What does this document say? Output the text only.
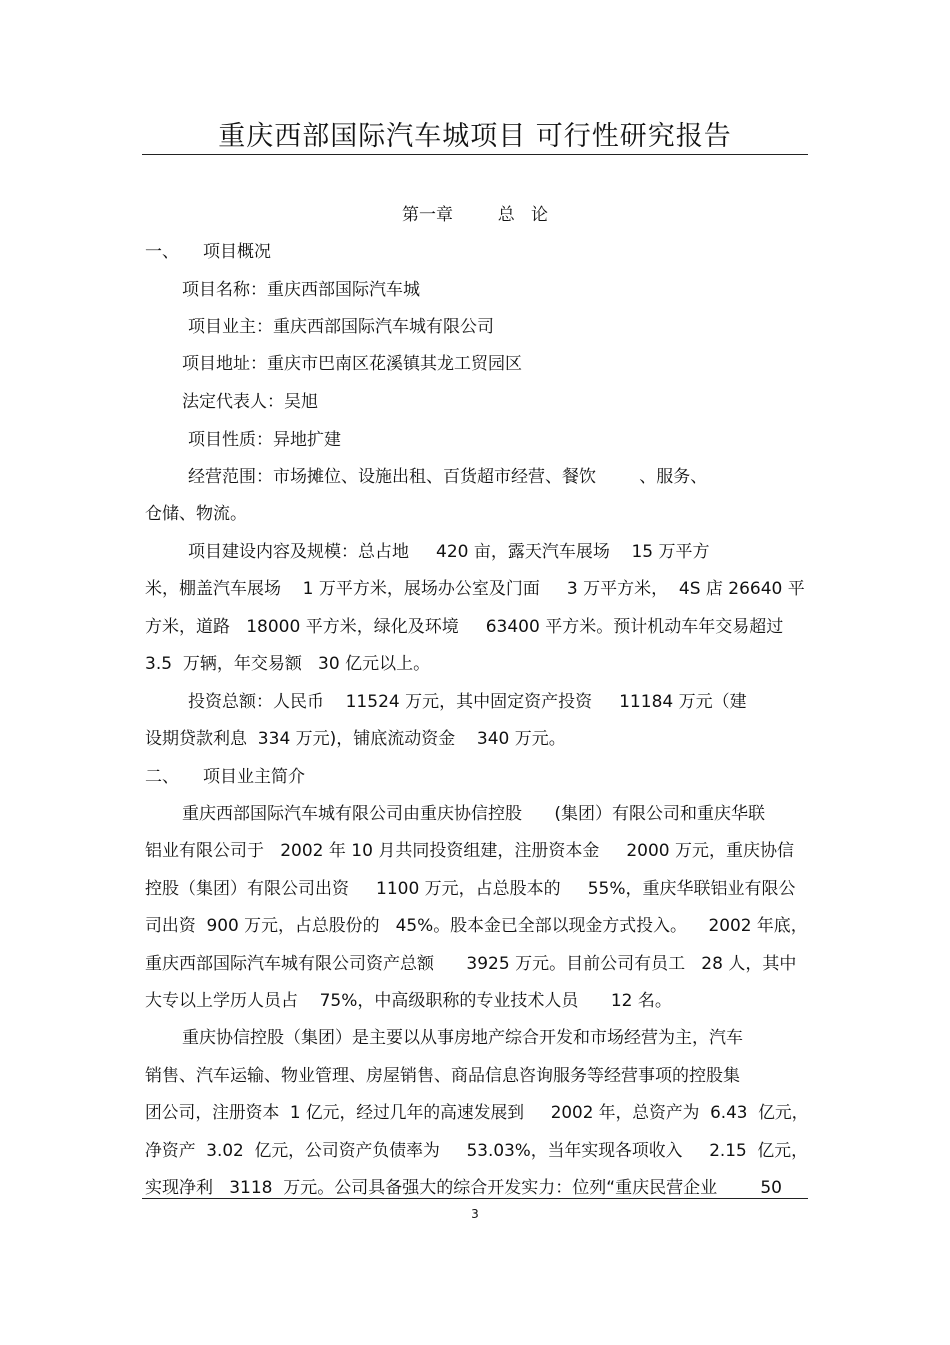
重庆西部国际汽车城项目 可行性研究报告
第一章	总   论
一、 项目概况
项目名称：重庆西部国际汽车城
项目业主：重庆西部国际汽车城有限公司
项目地址：重庆市巴南区花溪镇其龙工贸园区
法定代表人：吴旭
项目性质：异地扩建
经营范围：市场摊位、设施出租、百货超市经营、餐饮        、服务、
仓储、物流。
项目建设内容及规模：总占地     420 亩，露天汽车展场    15 万平方
米，棚盖汽车展场    1 万平方米，展场办公室及门面     3 万平方米，  4S 店 26640 平
方米，道路   18000 平方米，绿化及环境     63400 平方米。预计机动车年交易超过
3.5  万辆，年交易额   30 亿元以上。
投资总额：人民币    11524 万元，其中固定资产投资     11184 万元（建
设期贷款利息  334 万元)，铺底流动资金    340 万元。
二、 项目业主简介
重庆西部国际汽车城有限公司由重庆协信控股      (集团）有限公司和重庆华联
铝业有限公司于   2002 年 10 月共同投资组建，注册资本金     2000 万元，重庆协信
控股（集团）有限公司出资     1100 万元，占总股本的     55%，重庆华联铝业有限公
司出资  900 万元，占总股份的   45%。股本金已全部以现金方式投入。    2002 年底，
重庆西部国际汽车城有限公司资产总额      3925 万元。目前公司有员工   28 人，其中
大专以上学历人员占    75%，中高级职称的专业技术人员      12 名。
重庆协信控股（集团）是主要以从事房地产综合开发和市场经营为主，汽车
销售、汽车运输、物业管理、房屋销售、商品信息咨询服务等经营事项的控股集
团公司，注册资本  1 亿元，经过几年的高速发展到     2002 年，总资产为  6.43  亿元，
净资产  3.02  亿元，公司资产负债率为     53.03%，当年实现各项收入     2.15  亿元，
实现净利   3118  万元。公司具备强大的综合开发实力：位列“重庆民营企业        50
3
